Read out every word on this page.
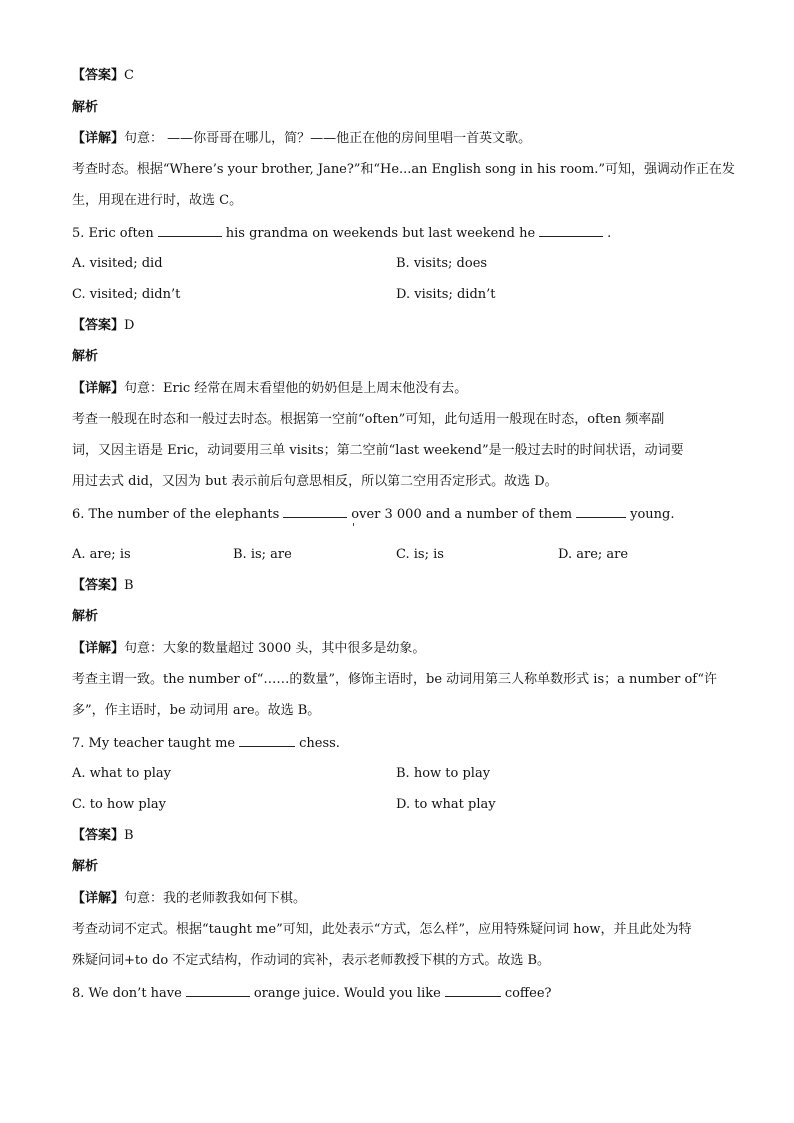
【答案】C
解析
【详解】句意： ——你哥哥在哪儿，简？——他正在他的房间里唱一首英文歌。
考查时态。根据“Where’s your brother, Jane?”和“He...an English song in his room.”可知，强调动作正在发
生，用现在进行时，故选 C。
5. Eric often	his grandma on weekends but last weekend he	.
A. visited; did	B. visits; does
C. visited; didn’t	D. visits; didn’t
【答案】D
解析
【详解】句意：Eric 经常在周末看望他的奶奶但是上周末他没有去。
考查一般现在时态和一般过去时态。根据第一空前“often”可知，此句适用一般现在时态，often 频率副
词，又因主语是 Eric，动词要用三单 visits；第二空前“last weekend”是一般过去时的时间状语，动词要
用过去式 did，又因为 but 表示前后句意思相反，所以第二空用否定形式。故选 D。
6. The number of the elephants	over 3 000 and a number of them	young.
A. are; is	B. is; are	C. is; is	D. are; are
【答案】B
解析
【详解】句意：大象的数量超过 3000 头，其中很多是幼象。
考查主谓一致。the number of“……的数量”，修饰主语时，be 动词用第三人称单数形式 is；a number of“许
多”，作主语时，be 动词用 are。故选 B。
7. My teacher taught me	chess.
A. what to play	B. how to play
C. to how play	D. to what play
【答案】B
解析
【详解】句意：我的老师教我如何下棋。
考查动词不定式。根据“taught me”可知，此处表示“方式，怎么样”，应用特殊疑问词 how，并且此处为特
殊疑问词+to do 不定式结构，作动词的宾补，表示老师教授下棋的方式。故选 B。
8. We don’t have	orange juice. Would you like	coffee?
